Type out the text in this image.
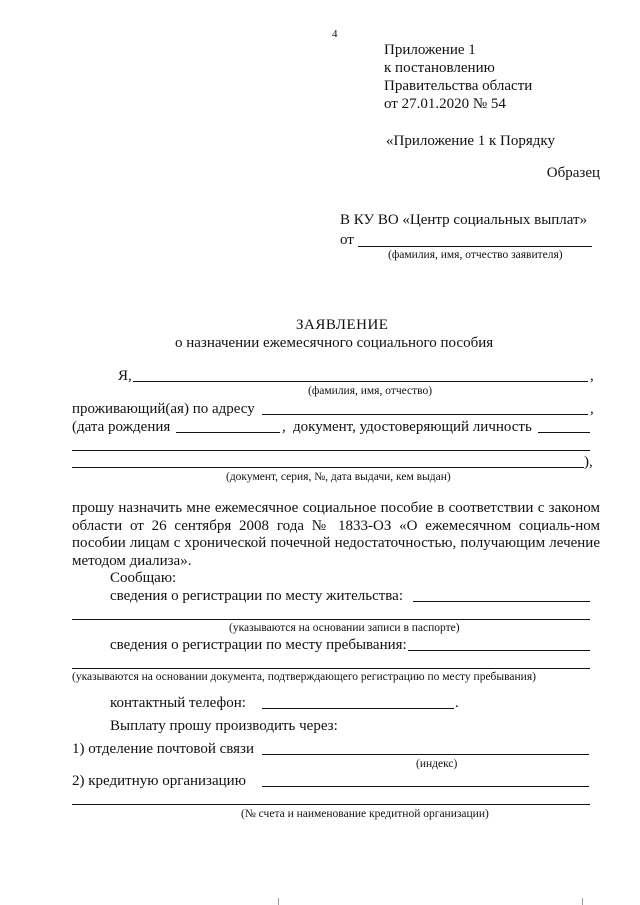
4
Приложение 1
к постановлению
Правительства области
от 27.01.2020 № 54
«Приложение 1 к Порядку
Образец
В КУ ВО «Центр социальных выплат»
от
(фамилия, имя, отчество заявителя)
ЗАЯВЛЕНИЕ
о назначении ежемесячного социального пособия
Я,	,
(фамилия, имя, отчество)
проживающий(ая) по адресу	,
(дата рождения	, документ, удостоверяющий личность
),
(документ, серия, №, дата выдачи, кем выдан)
прошу назначить мне ежемесячное социальное пособие в соответствии с законом области от 26 сентября 2008 года № 1833-ОЗ «О ежемесячном социаль-ном пособии лицам с хронической почечной недостаточностью, получающим лечение методом диализа».
Сообщаю:
сведения о регистрации по месту жительства:
(указываются на основании записи в паспорте)
сведения о регистрации по месту пребывания:
(указываются на основании документа, подтверждающего регистрацию по месту пребывания)
контактный телефон:	.
Выплату прошу производить через:
1) отделение почтовой связи
(индекс)
2) кредитную организацию
(№ счета и наименование кредитной организации)
